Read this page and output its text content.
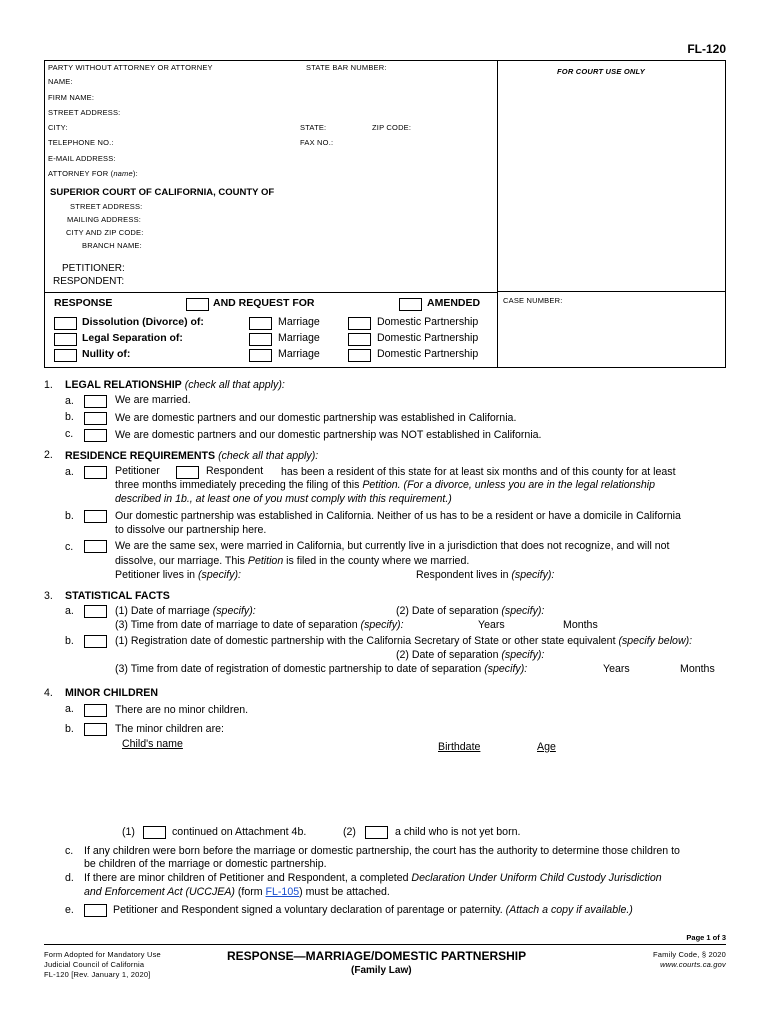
FL-120
PARTY WITHOUT ATTORNEY OR ATTORNEY	STATE BAR NUMBER:	FOR COURT USE ONLY
NAME:
FIRM NAME:
STREET ADDRESS:
CITY:	STATE:	ZIP CODE:
TELEPHONE NO.:	FAX NO.:
E-MAIL ADDRESS:
ATTORNEY FOR (name):
SUPERIOR COURT OF CALIFORNIA, COUNTY OF
STREET ADDRESS:
MAILING ADDRESS:
CITY AND ZIP CODE:
BRANCH NAME:
PETITIONER:
RESPONDENT:
CASE NUMBER:
RESPONSE	AND REQUEST FOR	AMENDED
Dissolution (Divorce) of:	Marriage	Domestic Partnership
Legal Separation of:	Marriage	Domestic Partnership
Nullity of:	Marriage	Domestic Partnership
1. LEGAL RELATIONSHIP (check all that apply):
a.	We are married.
b.	We are domestic partners and our domestic partnership was established in California.
c.	We are domestic partners and our domestic partnership was NOT established in California.
2. RESIDENCE REQUIREMENTS (check all that apply):
a.	Petitioner	Respondent has been a resident of this state for at least six months and of this county for at least
three months immediately preceding the filing of this Petition. (For a divorce, unless you are in the legal relationship
described in 1b., at least one of you must comply with this requirement.)
b.	Our domestic partnership was established in California. Neither of us has to be a resident or have a domicile in California
to dissolve our partnership here.
c.	We are the same sex, were married in California, but currently live in a jurisdiction that does not recognize, and will not
dissolve, our marriage. This Petition is filed in the county where we married.
Petitioner lives in (specify):	Respondent lives in (specify):
3. STATISTICAL FACTS
a.	(1) Date of marriage (specify):	(2) Date of separation (specify):
(3) Time from date of marriage to date of separation (specify):	Years	Months
b.	(1) Registration date of domestic partnership with the California Secretary of State or other state equivalent (specify below):
(2) Date of separation (specify):
(3) Time from date of registration of domestic partnership to date of separation (specify):	Years	Months
4. MINOR CHILDREN
a.	There are no minor children.
b.	The minor children are:
Child's name	Birthdate	Age
(1)	continued on Attachment 4b.	(2)	a child who is not yet born.
c. If any children were born before the marriage or domestic partnership, the court has the authority to determine those children to
be children of the marriage or domestic partnership.
d. If there are minor children of Petitioner and Respondent, a completed Declaration Under Uniform Child Custody Jurisdiction
and Enforcement Act (UCCJEA) (form FL-105) must be attached.
e.	Petitioner and Respondent signed a voluntary declaration of parentage or paternity. (Attach a copy if available.)
Page 1 of 3
Form Adopted for Mandatory Use
Judicial Council of California
FL-120 [Rev. January 1, 2020]
RESPONSE—MARRIAGE/DOMESTIC PARTNERSHIP
(Family Law)
Family Code, § 2020
www.courts.ca.gov
